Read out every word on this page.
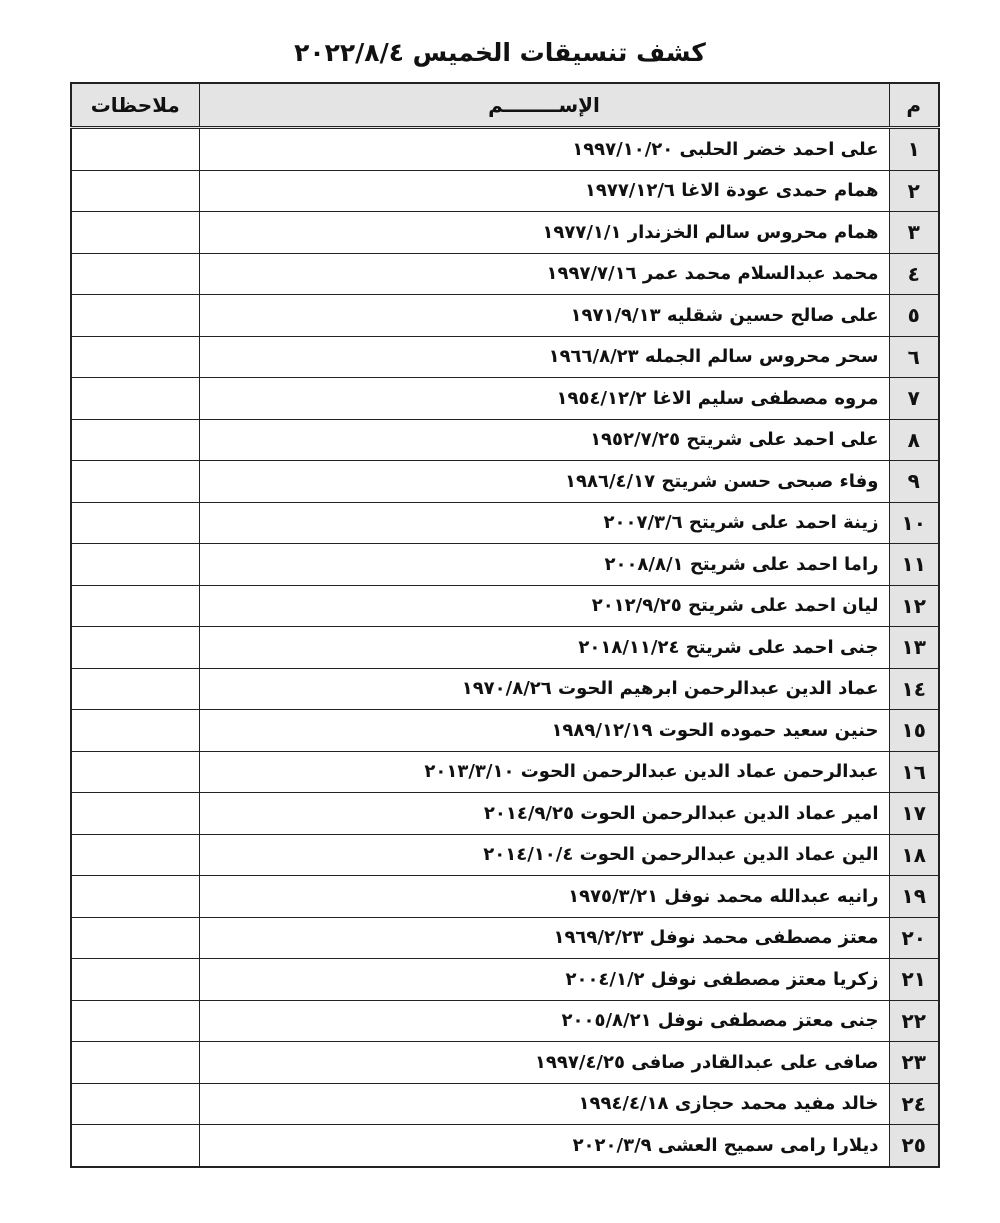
كشف تنسيقات الخميس ٢٠٢٢/٨/٤
م	الإســــــــم	ملاحظات
١	على احمد خضر الحلبى ١٩٩٧/١٠/٢٠	
٢	همام حمدى عودة الاغا ١٩٧٧/١٢/٦	
٣	همام محروس سالم الخزندار ١٩٧٧/١/١	
٤	محمد عبدالسلام محمد عمر ١٩٩٧/٧/١٦	
٥	على صالح حسين شقليه ١٩٧١/٩/١٣	
٦	سحر محروس سالم الجمله ١٩٦٦/٨/٢٣	
٧	مروه مصطفى سليم الاغا ١٩٥٤/١٢/٢	
٨	على احمد على شريتح ١٩٥٢/٧/٢٥	
٩	وفاء صبحى حسن شريتح ١٩٨٦/٤/١٧	
١٠	زينة احمد على شريتح ٢٠٠٧/٣/٦	
١١	راما احمد على شريتح ٢٠٠٨/٨/١	
١٢	ليان احمد على شريتح ٢٠١٢/٩/٢٥	
١٣	جنى احمد على شريتح ٢٠١٨/١١/٢٤	
١٤	عماد الدين عبدالرحمن ابرهيم الحوت ١٩٧٠/٨/٢٦	
١٥	حنين سعيد حموده الحوت ١٩٨٩/١٢/١٩	
١٦	عبدالرحمن عماد الدين عبدالرحمن الحوت ٢٠١٣/٣/١٠	
١٧	امير عماد الدين عبدالرحمن الحوت ٢٠١٤/٩/٢٥	
١٨	الين عماد الدين عبدالرحمن الحوت ٢٠١٤/١٠/٤	
١٩	رانيه عبدالله محمد نوفل ١٩٧٥/٣/٢١	
٢٠	معتز مصطفى محمد نوفل ١٩٦٩/٢/٢٣	
٢١	زكريا معتز مصطفى نوفل ٢٠٠٤/١/٢	
٢٢	جنى معتز مصطفى نوفل ٢٠٠٥/٨/٢١	
٢٣	صافى على عبدالقادر صافى ١٩٩٧/٤/٢٥	
٢٤	خالد مفيد محمد حجازى ١٩٩٤/٤/١٨	
٢٥	ديلارا رامى سميح العشى ٢٠٢٠/٣/٩	
